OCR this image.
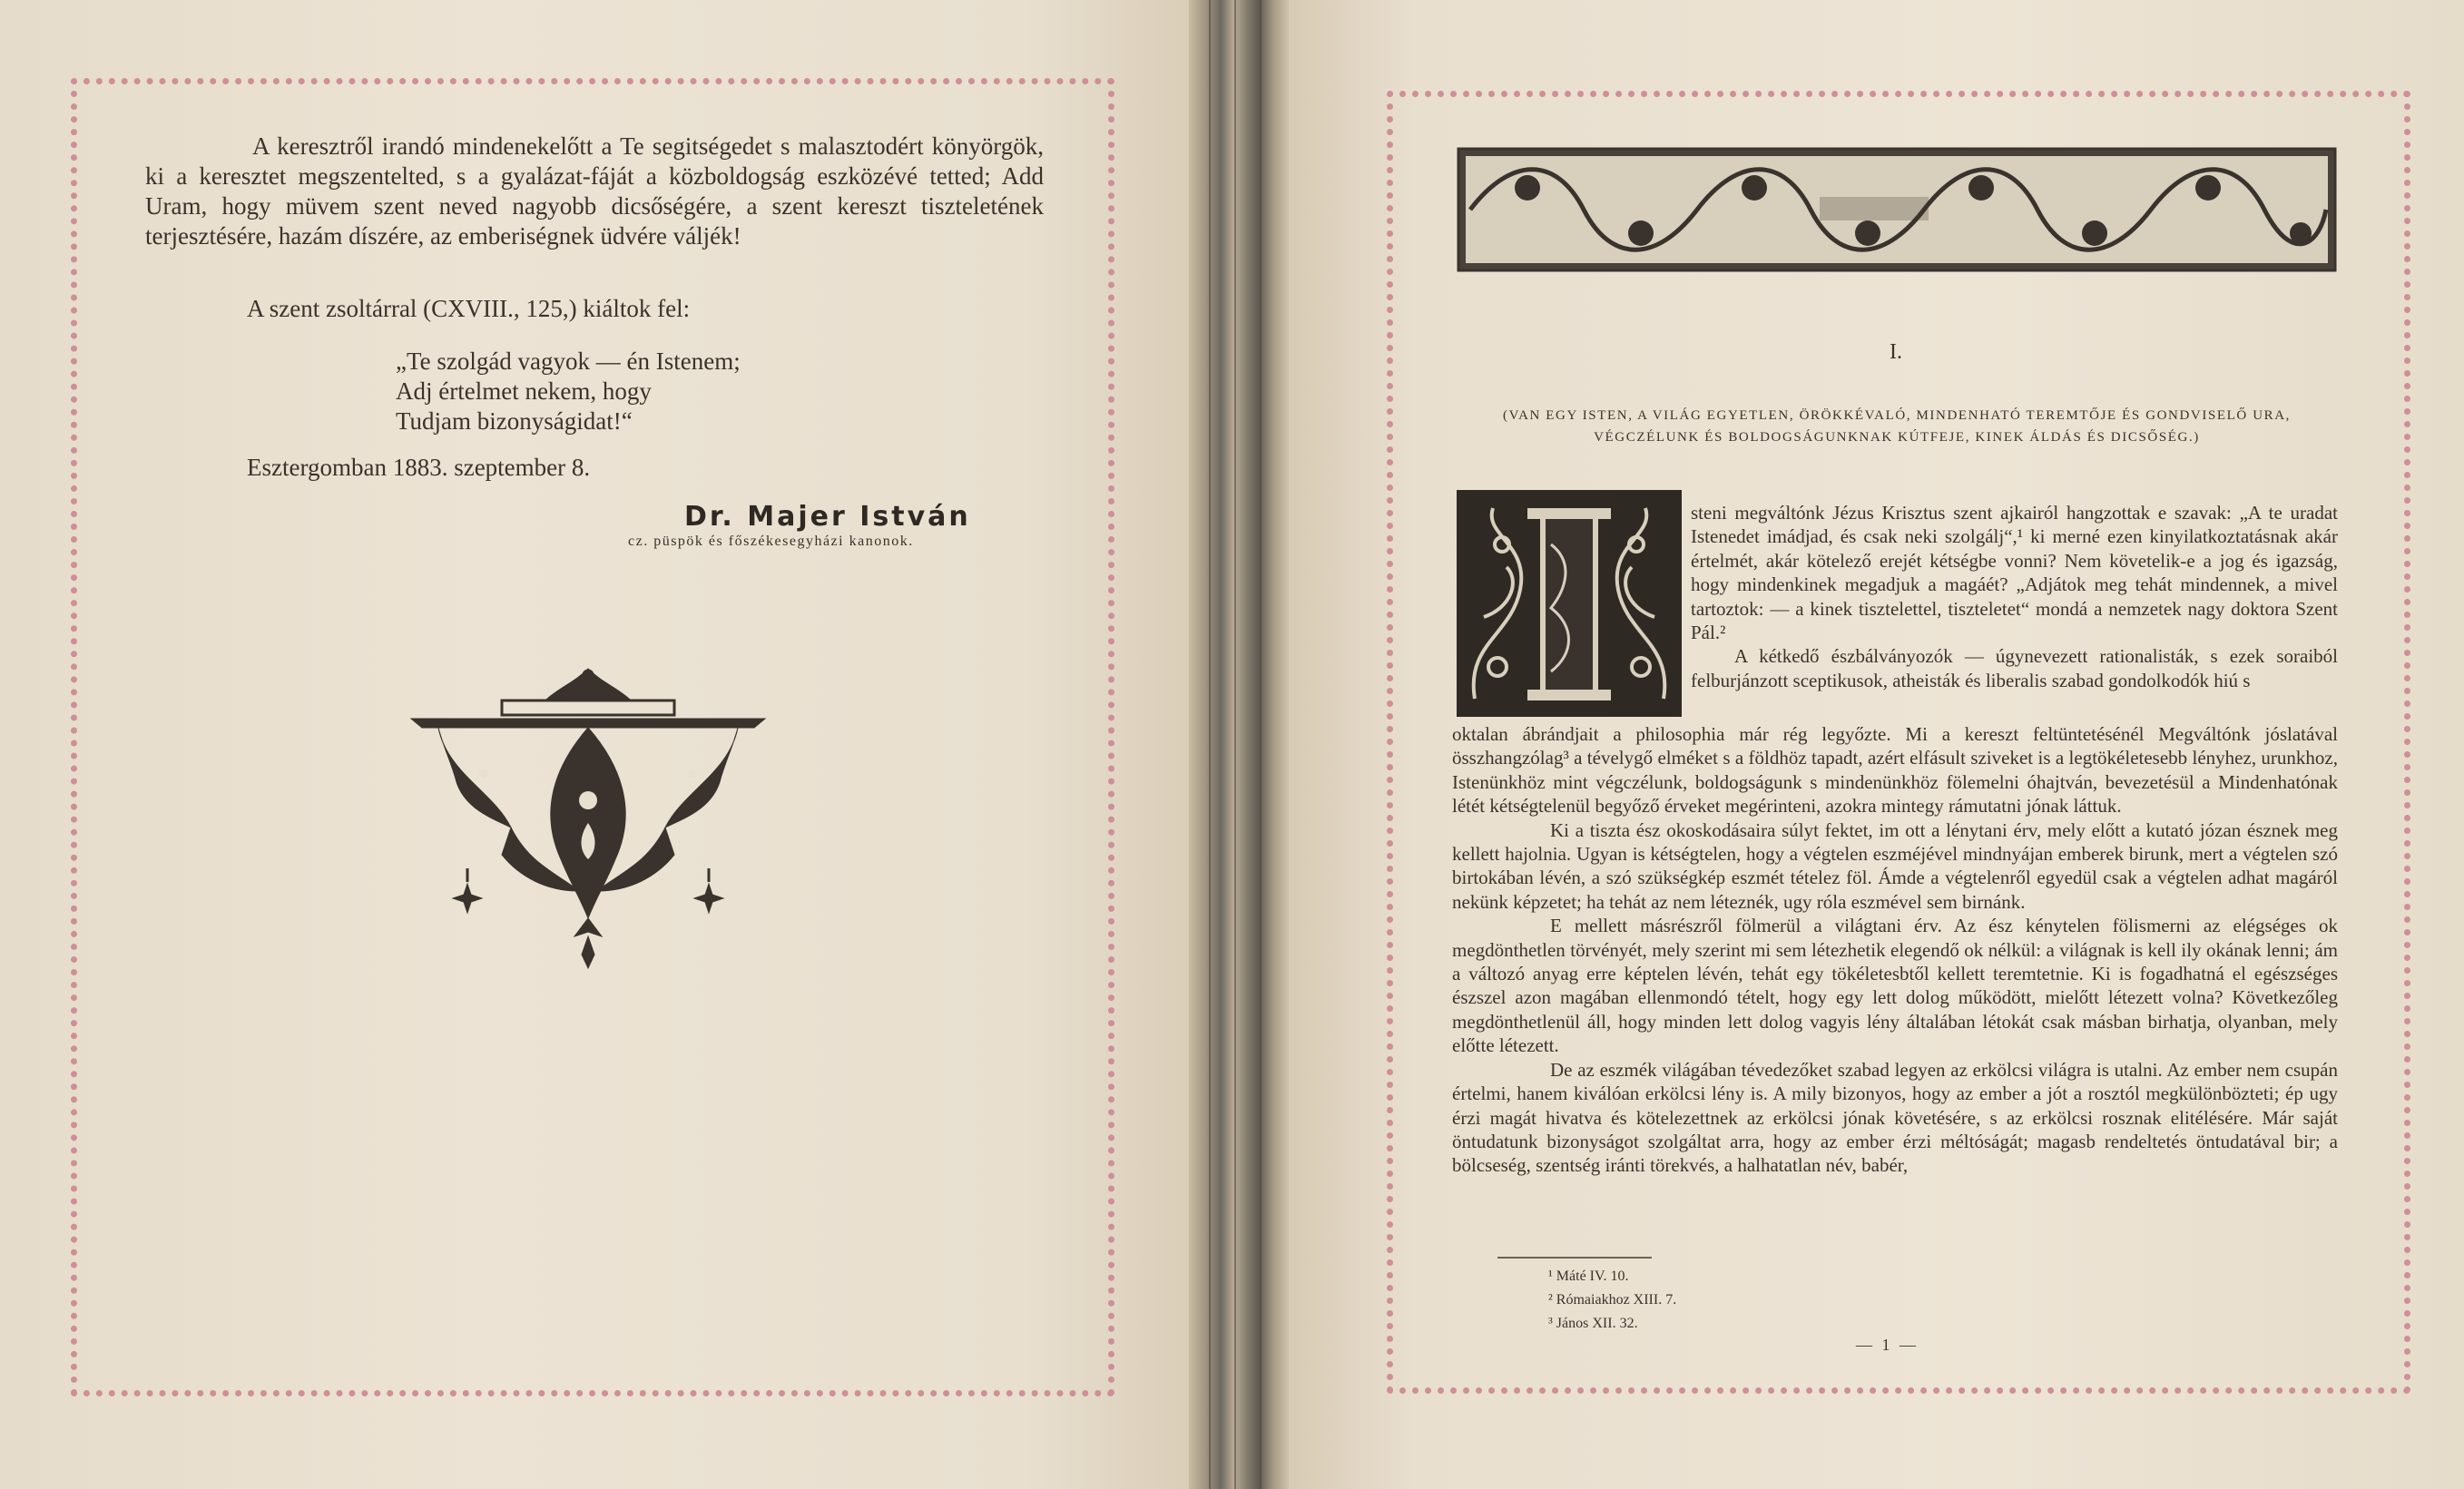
A keresztről irandó mindenekelőtt a Te segitségedet s malasztodért könyörgök, ki a keresztet megszentelted, s a gyalázat-fáját a közboldogság eszközévé tetted; Add Uram, hogy müvem szent neved nagyobb dicsőségére, a szent kereszt tiszteletének terjesztésére, hazám díszére, az emberiségnek üdvére váljék!

A szent zsoltárral (CXVIII., 125,) kiáltok fel:
„Te szolgád vagyok — én Istenem;
Adj értelmet nekem, hogy
Tudjam bizonyságidat!“
Esztergomban 1883. szeptember 8.
Dr. Majer István
cz. püspök és főszékesegyházi kanonok.
I.
(VAN EGY ISTEN, A VILÁG EGYETLEN, ÖRÖKKÉVALÓ, MINDENHATÓ TEREMTŐJE ÉS GONDVISELŐ URA,
VÉGCZÉLUNK ÉS BOLDOGSÁGUNKNAK KÚTFEJE, KINEK ÁLDÁS ÉS DICSŐSÉG.)

steni megváltónk Jézus Krisztus szent ajkairól hangzottak e szavak: „A te uradat Istenedet imádjad, és csak neki szolgálj“,¹ ki merné ezen kinyilatkoztatásnak akár értelmét, akár kötelező erejét kétségbe vonni? Nem követelik-e a jog és igazság, hogy mindenkinek megadjuk a magáét? „Adjátok meg tehát mindennek, a mivel tartoztok: — a kinek tisztelettel, tiszteletet“ mondá a nemzetek nagy doktora Szent Pál.²

A kétkedő észbálványozók — úgynevezett rationalisták, s ezek soraiból felburjánzott sceptikusok, atheisták és liberalis szabad gondolkodók hiú s

oktalan ábrándjait a philosophia már rég legyőzte. Mi a kereszt feltüntetésénél Megváltónk jóslatával összhangzólag³ a tévelygő elméket s a földhöz tapadt, azért elfásult sziveket is a legtökéletesebb lényhez, urunkhoz, Istenünkhöz mint végczélunk, boldogságunk s mindenünkhöz fölemelni óhajtván, bevezetésül a Mindenhatónak létét kétségtelenül begyőző érveket megérinteni, azokra mintegy rámutatni jónak láttuk.

Ki a tiszta ész okoskodásaira súlyt fektet, im ott a lénytani érv, mely előtt a kutató józan észnek meg kellett hajolnia. Ugyan is kétségtelen, hogy a végtelen eszméjével mindnyájan emberek birunk, mert a végtelen szó birtokában lévén, a szó szükségkép eszmét tételez föl. Ámde a végtelenről egyedül csak a végtelen adhat magáról nekünk képzetet; ha tehát az nem léteznék, ugy róla eszmével sem birnánk.

E mellett másrészről fölmerül a világtani érv. Az ész kénytelen fölismerni az elégséges ok megdönthetlen törvényét, mely szerint mi sem létezhetik elegendő ok nélkül: a világnak is kell ily okának lenni; ám a változó anyag erre képtelen lévén, tehát egy tökéletesbtől kellett teremtetnie. Ki is fogadhatná el egészséges észszel azon magában ellenmondó tételt, hogy egy lett dolog működött, mielőtt létezett volna? Következőleg megdönthetlenül áll, hogy minden lett dolog vagyis lény általában létokát csak másban birhatja, olyanban, mely előtte létezett.

De az eszmék világában tévedezőket szabad legyen az erkölcsi világra is utalni. Az ember nem csupán értelmi, hanem kiválóan erkölcsi lény is. A mily bizonyos, hogy az ember a jót a rosztól megkülönbözteti; ép ugy érzi magát hivatva és kötelezettnek az erkölcsi jónak követésére, s az erkölcsi rosznak elitélésére. Már saját öntudatunk bizonyságot szolgáltat arra, hogy az ember érzi méltóságát; magasb rendeltetés öntudatával bir; a bölcseség, szentség iránti törekvés, a halhatatlan név, babér,

¹ Máté IV. 10.
² Rómaiakhoz XIII. 7.
³ János XII. 32.
— 1 —
